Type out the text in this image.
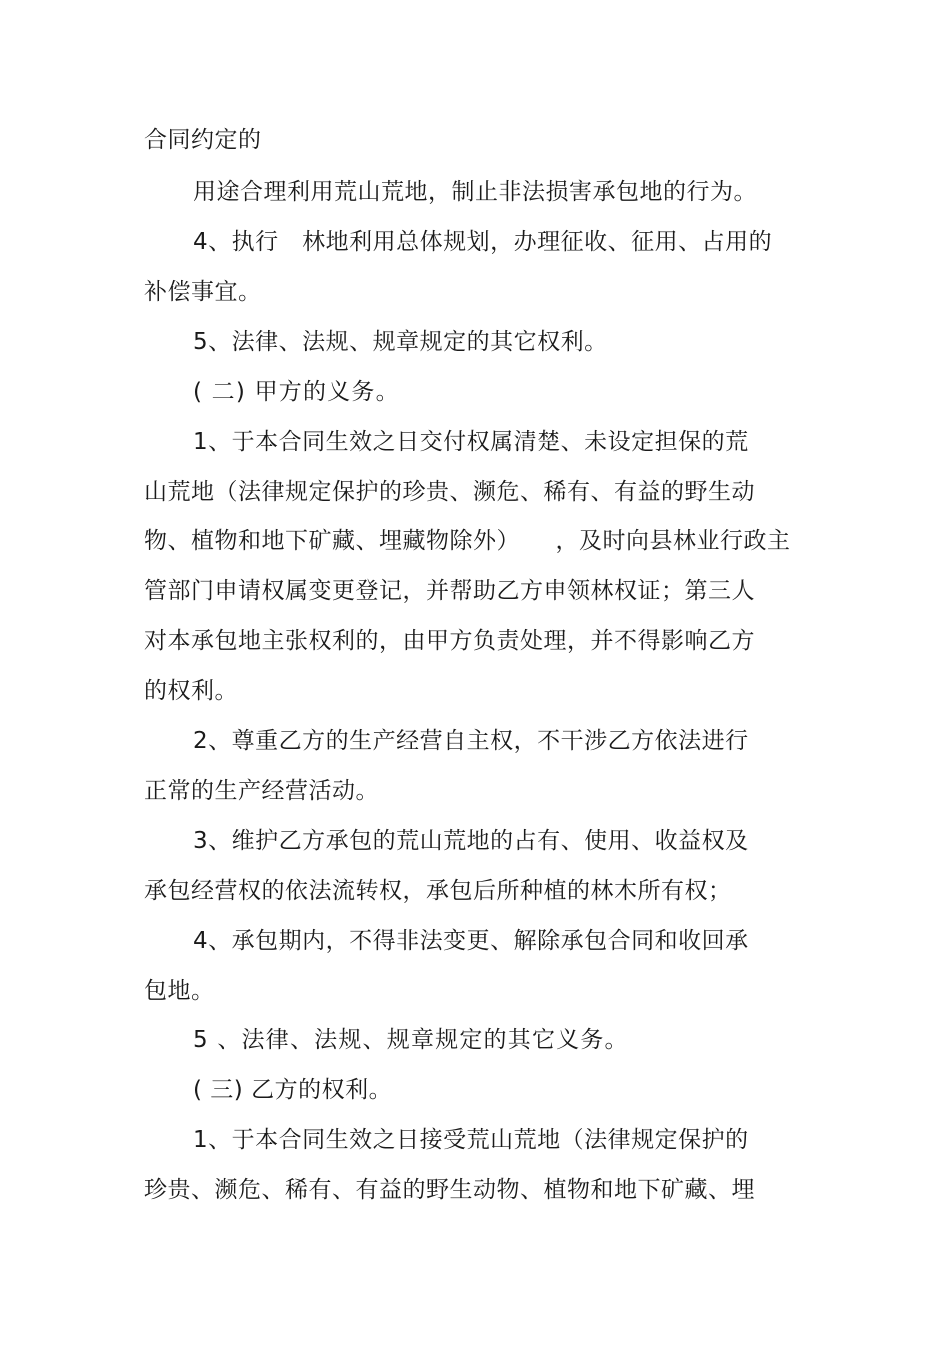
合同约定的
用途合理利用荒山荒地，制止非法损害承包地的行为。
4、执行　林地利用总体规划，办理征收、征用、占用的
补偿事宜。
5、法律、法规、规章规定的其它权利。
( 二) 甲方的义务。
1、于本合同生效之日交付权属清楚、未设定担保的荒
山荒地（法律规定保护的珍贵、濒危、稀有、有益的野生动
物、植物和地下矿藏、埋藏物除外）　　，及时向县林业行政主
管部门申请权属变更登记，并帮助乙方申领林权证；第三人
对本承包地主张权利的，由甲方负责处理，并不得影响乙方
的权利。
2、尊重乙方的生产经营自主权，不干涉乙方依法进行
正常的生产经营活动。
3、维护乙方承包的荒山荒地的占有、使用、收益权及
承包经营权的依法流转权，承包后所种植的林木所有权；
4、承包期内，不得非法变更、解除承包合同和收回承
包地。
5 、法律、法规、规章规定的其它义务。
( 三) 乙方的权利。
1、于本合同生效之日接受荒山荒地（法律规定保护的
珍贵、濒危、稀有、有益的野生动物、植物和地下矿藏、埋
